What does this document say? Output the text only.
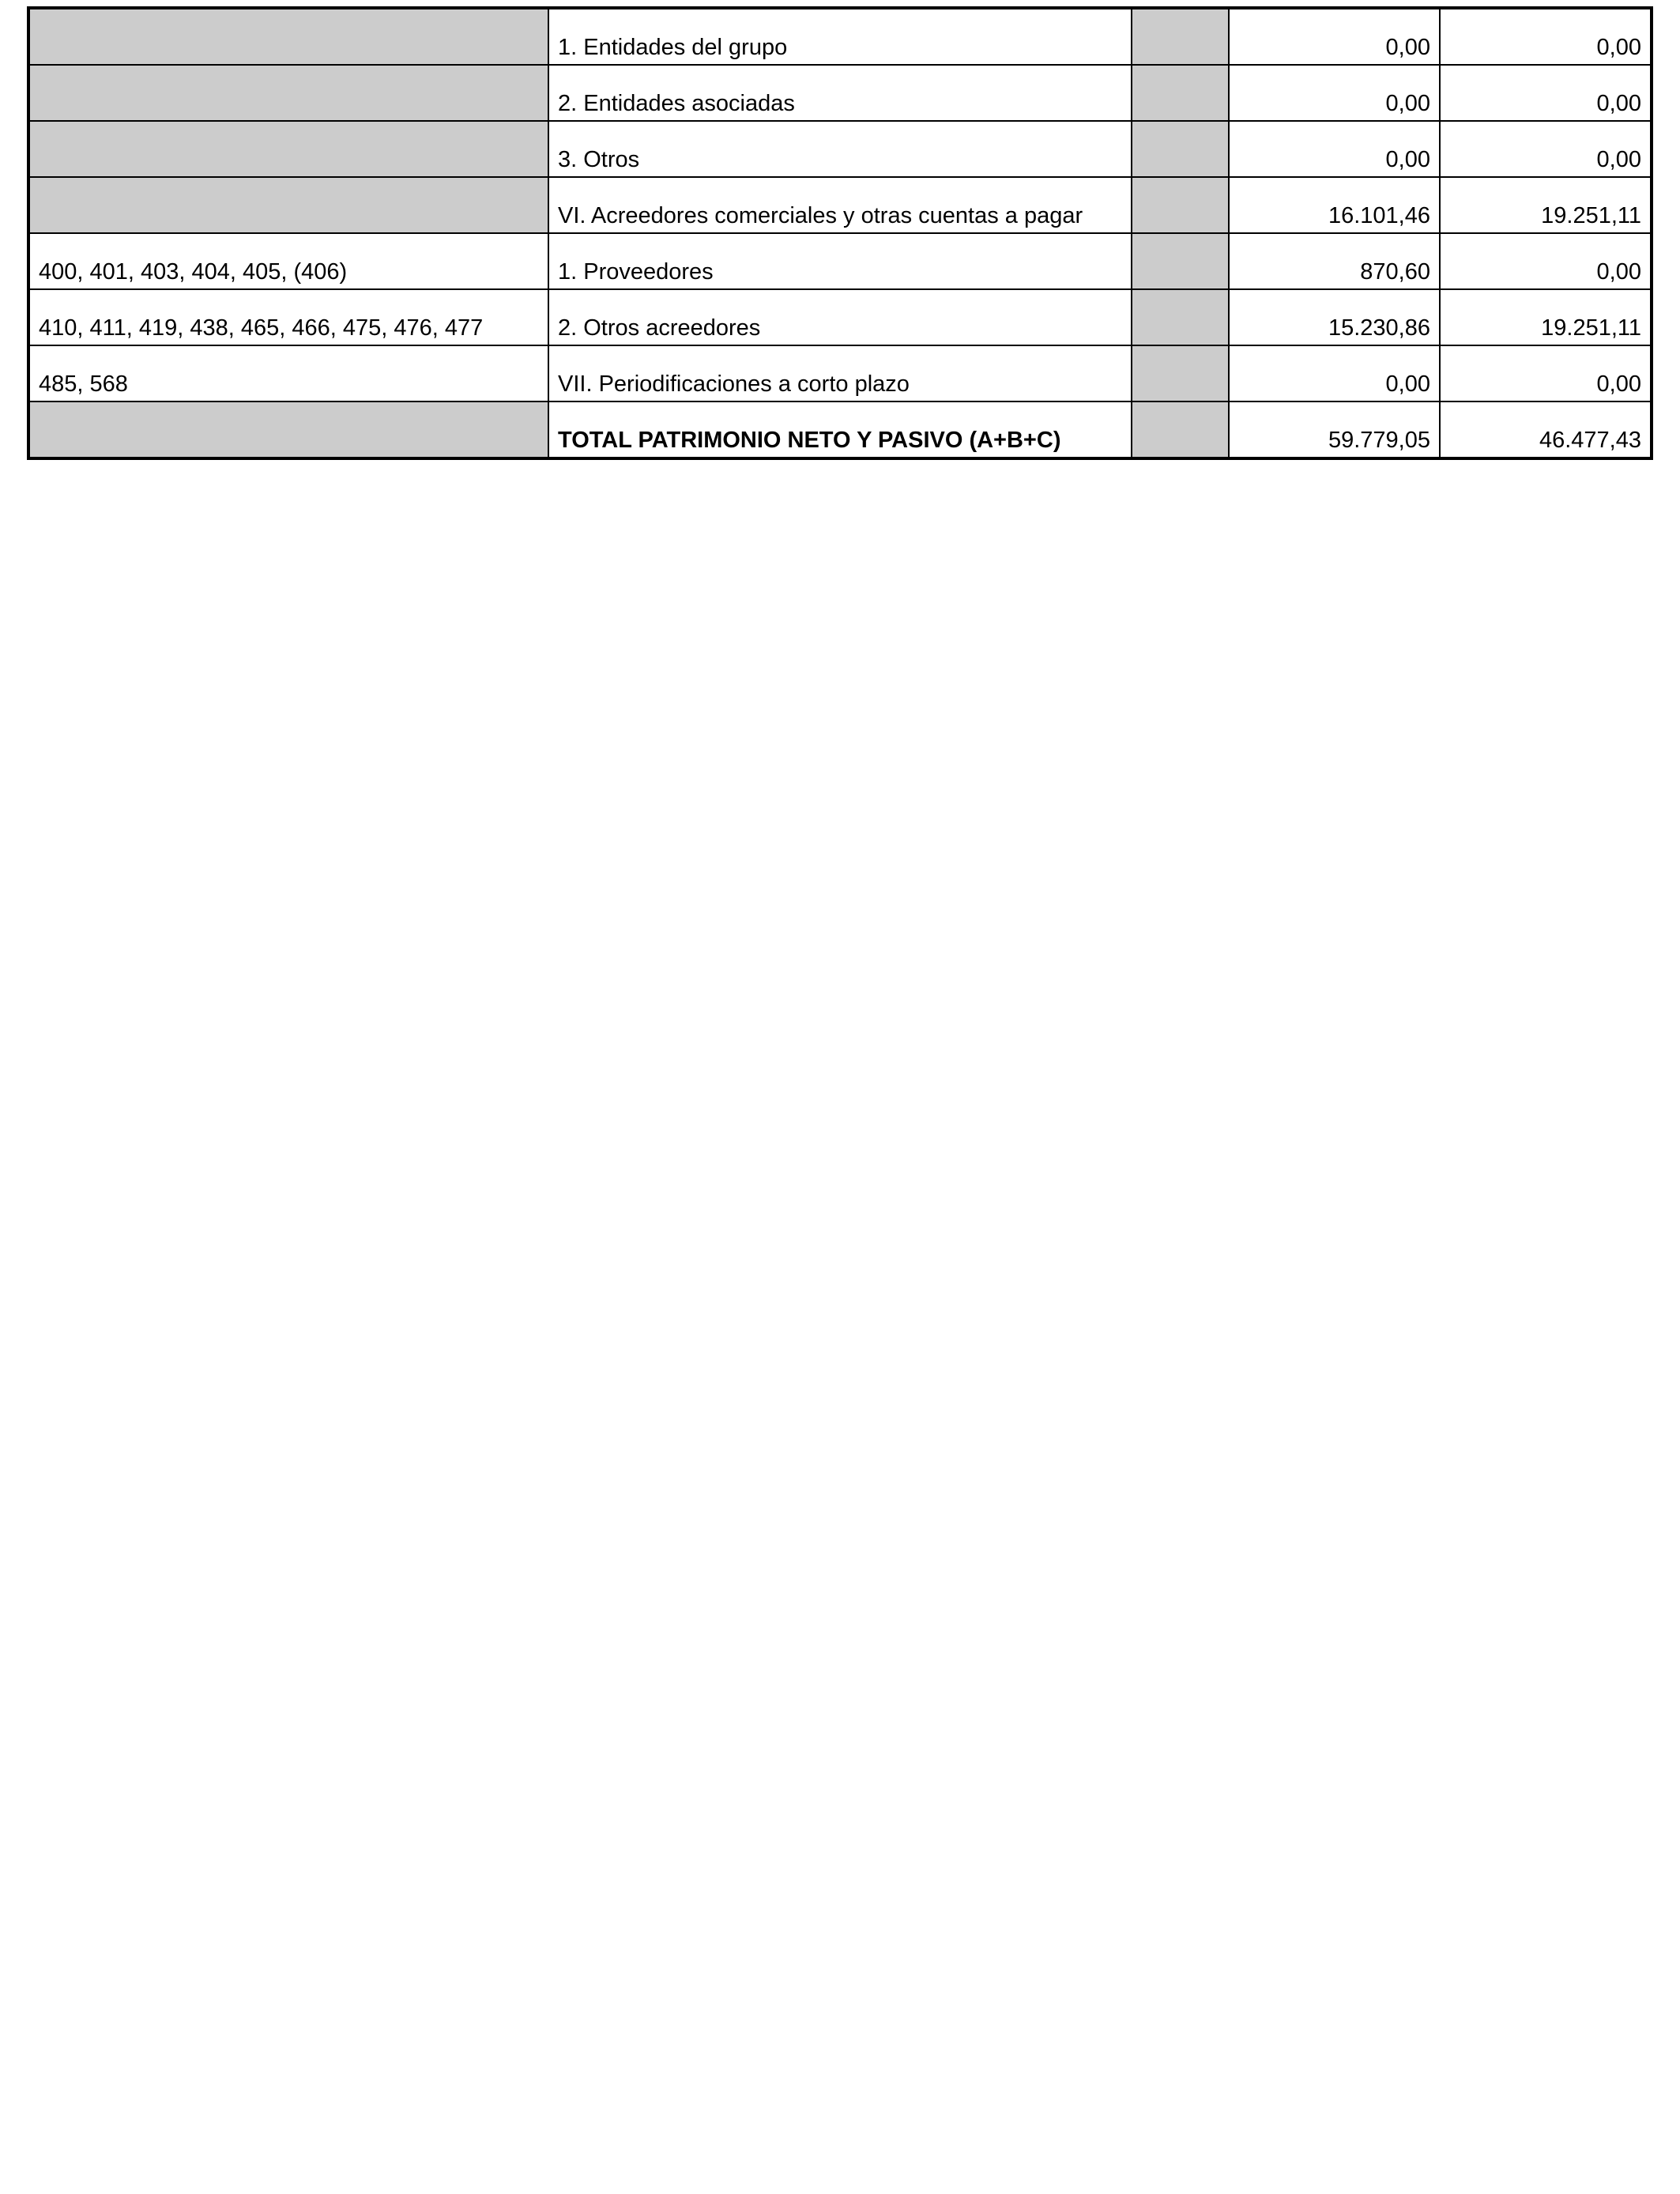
	1. Entidades del grupo		0,00	0,00
	2. Entidades asociadas		0,00	0,00
	3. Otros		0,00	0,00
	VI. Acreedores comerciales y otras cuentas a pagar		16.101,46	19.251,11
400, 401, 403, 404, 405, (406)	1. Proveedores		870,60	0,00
410, 411, 419, 438, 465, 466, 475, 476, 477	2. Otros acreedores		15.230,86	19.251,11
485, 568	VII. Periodificaciones a corto plazo		0,00	0,00
	TOTAL PATRIMONIO NETO Y PASIVO (A+B+C)		59.779,05	46.477,43
